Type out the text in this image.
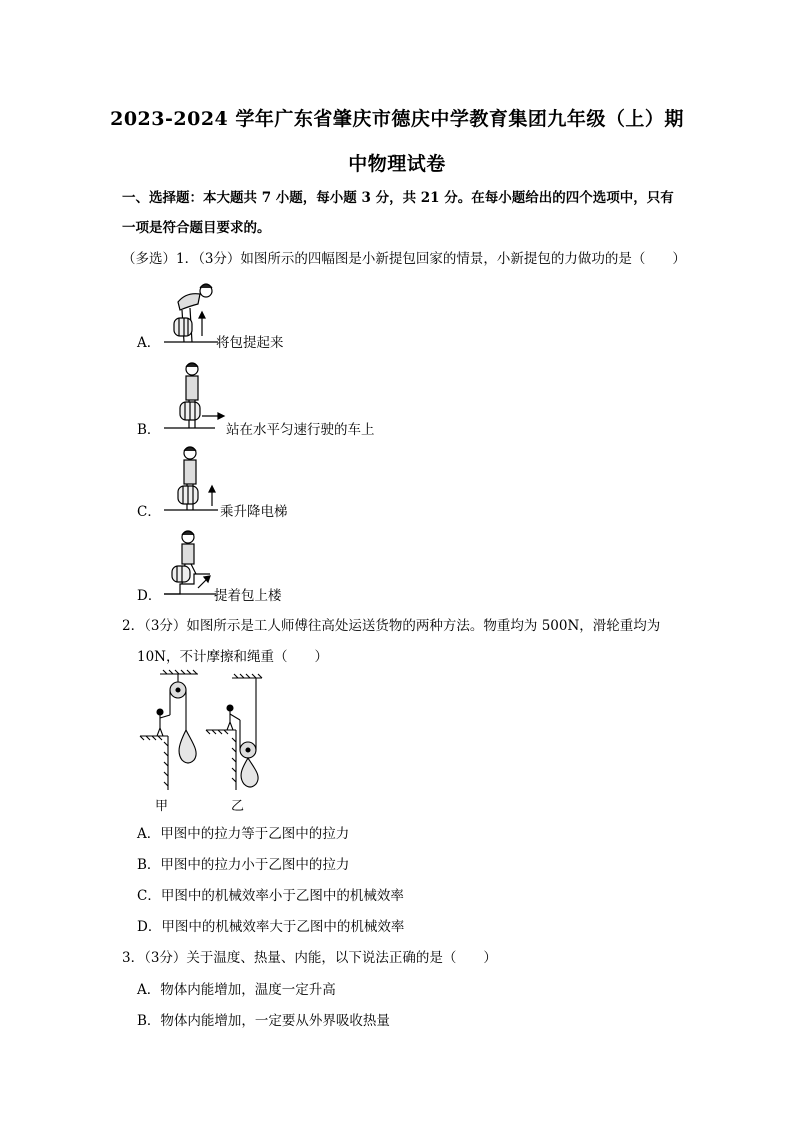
2023-2024 学年广东省肇庆市德庆中学教育集团九年级（上）期
中物理试卷
一、选择题：本大题共 7 小题，每小题 3 分，共 21 分。在每小题给出的四个选项中，只有
一项是符合题目要求的。
（多选）1．（3分）如图所示的四幅图是小新提包回家的情景，小新提包的力做功的是（　　）
A．	将包提起来
B．	站在水平匀速行驶的车上
C．	乘升降电梯
D．	提着包上楼
2．（3分）如图所示是工人师傅往高处运送货物的两种方法。物重均为 500N，滑轮重均为
10N，不计摩擦和绳重（　　）
甲	乙
A．甲图中的拉力等于乙图中的拉力
B．甲图中的拉力小于乙图中的拉力
C．甲图中的机械效率小于乙图中的机械效率
D．甲图中的机械效率大于乙图中的机械效率
3．（3分）关于温度、热量、内能，以下说法正确的是（　　）
A．物体内能增加，温度一定升高
B．物体内能增加，一定要从外界吸收热量
